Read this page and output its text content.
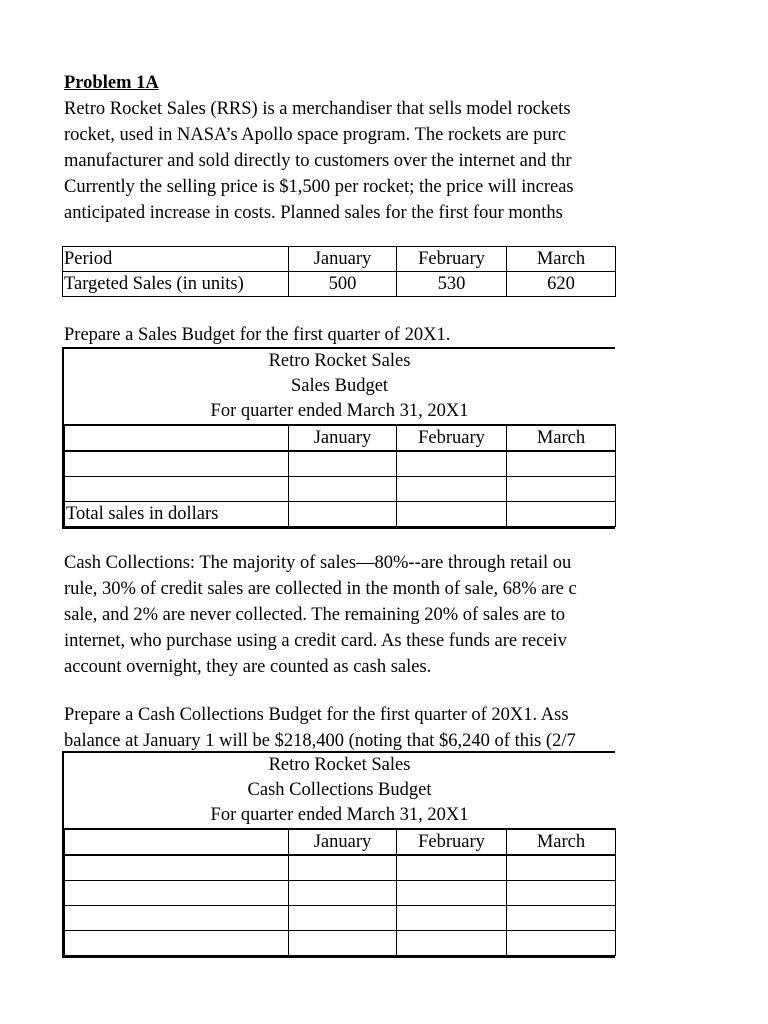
Problem 1A
Retro Rocket Sales (RRS) is a merchandiser that sells model rockets
rocket, used in NASA’s Apollo space program. The rockets are purc
manufacturer and sold directly to customers over the internet and thr
Currently the selling price is $1,500 per rocket; the price will increas
anticipated increase in costs. Planned sales for the first four months
Period	January	February	March
Targeted Sales (in units)	500	530	620
Prepare a Sales Budget for the first quarter of 20X1.
Retro Rocket Sales
Sales Budget
For quarter ended March 31, 20X1
	January	February	March

Total sales in dollars			
Cash Collections: The majority of sales—80%--are through retail ou
rule, 30% of credit sales are collected in the month of sale, 68% are c
sale, and 2% are never collected. The remaining 20% of sales are to
internet, who purchase using a credit card. As these funds are receiv
account overnight, they are counted as cash sales.
Prepare a Cash Collections Budget for the first quarter of 20X1. Ass
balance at January 1 will be $218,400 (noting that $6,240 of this (2/7
Retro Rocket Sales
Cash Collections Budget
For quarter ended March 31, 20X1
	January	February	March
